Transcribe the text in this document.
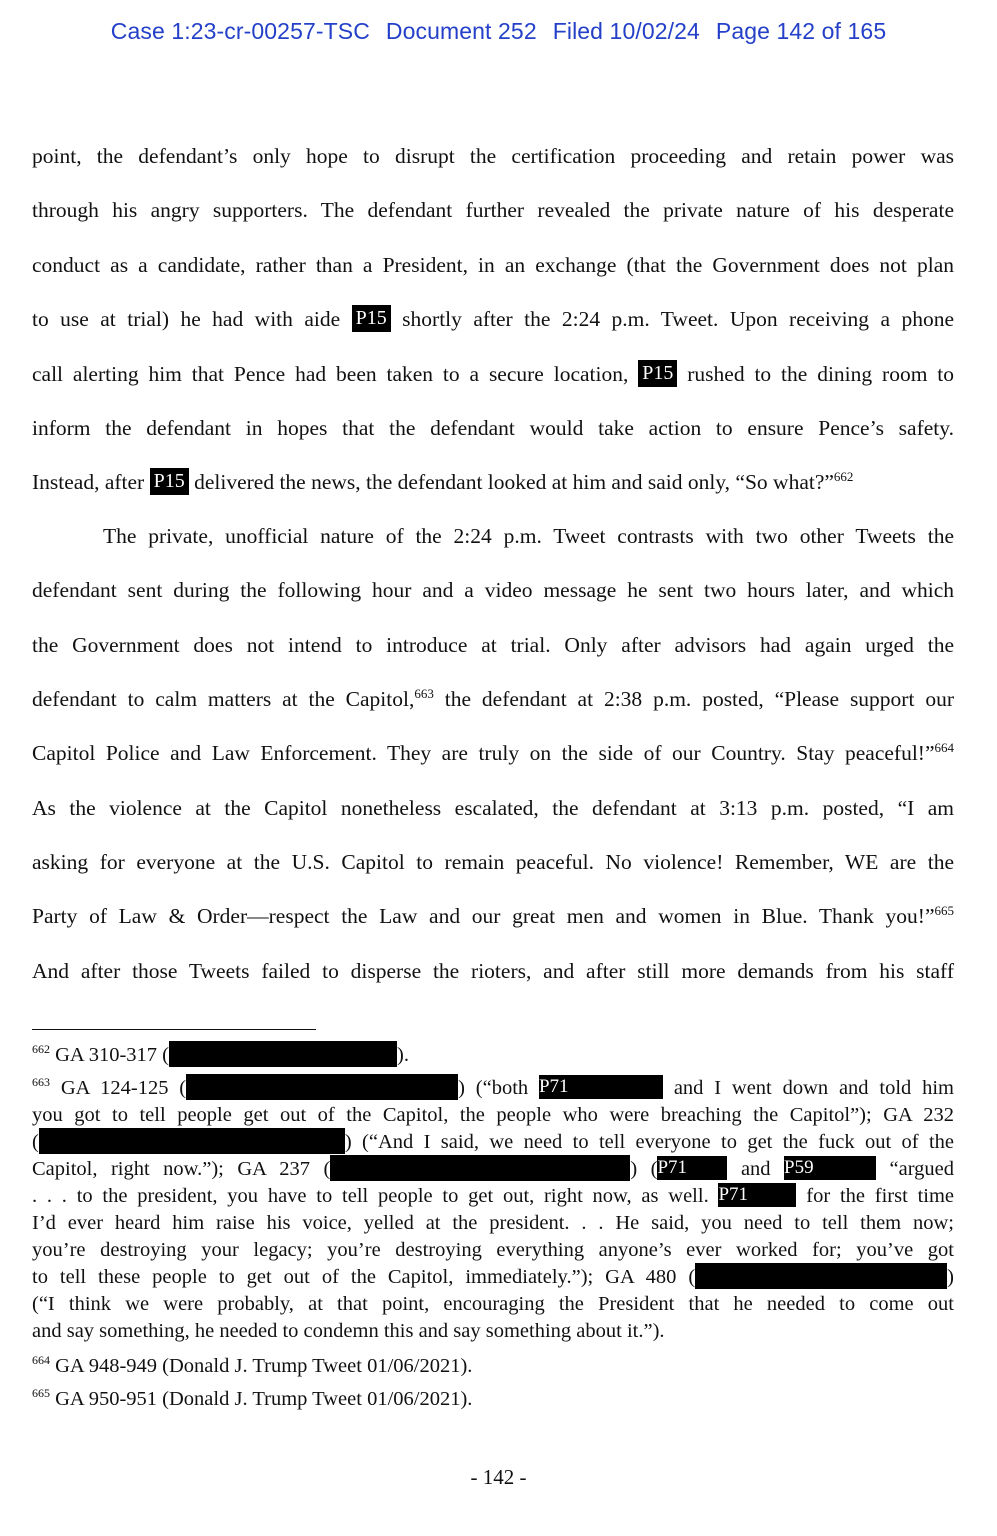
Case 1:23-cr-00257-TSC Document 252 Filed 10/02/24 Page 142 of 165
point, the defendant’s only hope to disrupt the certification proceeding and retain power was
through his angry supporters. The defendant further revealed the private nature of his desperate
conduct as a candidate, rather than a President, in an exchange (that the Government does not plan
to use at trial) he had with aide P15 shortly after the 2:24 p.m. Tweet. Upon receiving a phone
call alerting him that Pence had been taken to a secure location, P15 rushed to the dining room to
inform the defendant in hopes that the defendant would take action to ensure Pence’s safety.
Instead, after P15 delivered the news, the defendant looked at him and said only, “So what?”$^{662}$
The private, unofficial nature of the 2:24 p.m. Tweet contrasts with two other Tweets the
defendant sent during the following hour and a video message he sent two hours later, and which
the Government does not intend to introduce at trial. Only after advisors had again urged the
defendant to calm matters at the Capitol,$^{663}$ the defendant at 2:38 p.m. posted, “Please support our
Capitol Police and Law Enforcement. They are truly on the side of our Country. Stay peaceful!”$^{664}$
As the violence at the Capitol nonetheless escalated, the defendant at 3:13 p.m. posted, “I am
asking for everyone at the U.S. Capitol to remain peaceful. No violence! Remember, WE are the
Party of Law & Order—respect the Law and our great men and women in Blue. Thank you!”$^{665}$
And after those Tweets failed to disperse the rioters, and after still more demands from his staff
$^{662}$ GA 310-317 (	).
$^{663}$ GA 124-125 (	) (“both P71	and I went down and told him
you got to tell people get out of the Capitol, the people who were breaching the Capitol”); GA 232
(	) (“And I said, we need to tell everyone to get the fuck out of the
Capitol, right now.”); GA 237 (	) (P71	and P59	“argued
. . . to the president, you have to tell people to get out, right now, as well. P71	for the first time
I’d ever heard him raise his voice, yelled at the president. . . He said, you need to tell them now;
you’re destroying your legacy; you’re destroying everything anyone’s ever worked for; you’ve got
to tell these people to get out of the Capitol, immediately.”); GA 480 (	)
(“I think we were probably, at that point, encouraging the President that he needed to come out
and say something, he needed to condemn this and say something about it.”).
$^{664}$ GA 948-949 (Donald J. Trump Tweet 01/06/2021).
$^{665}$ GA 950-951 (Donald J. Trump Tweet 01/06/2021).
- 142 -
